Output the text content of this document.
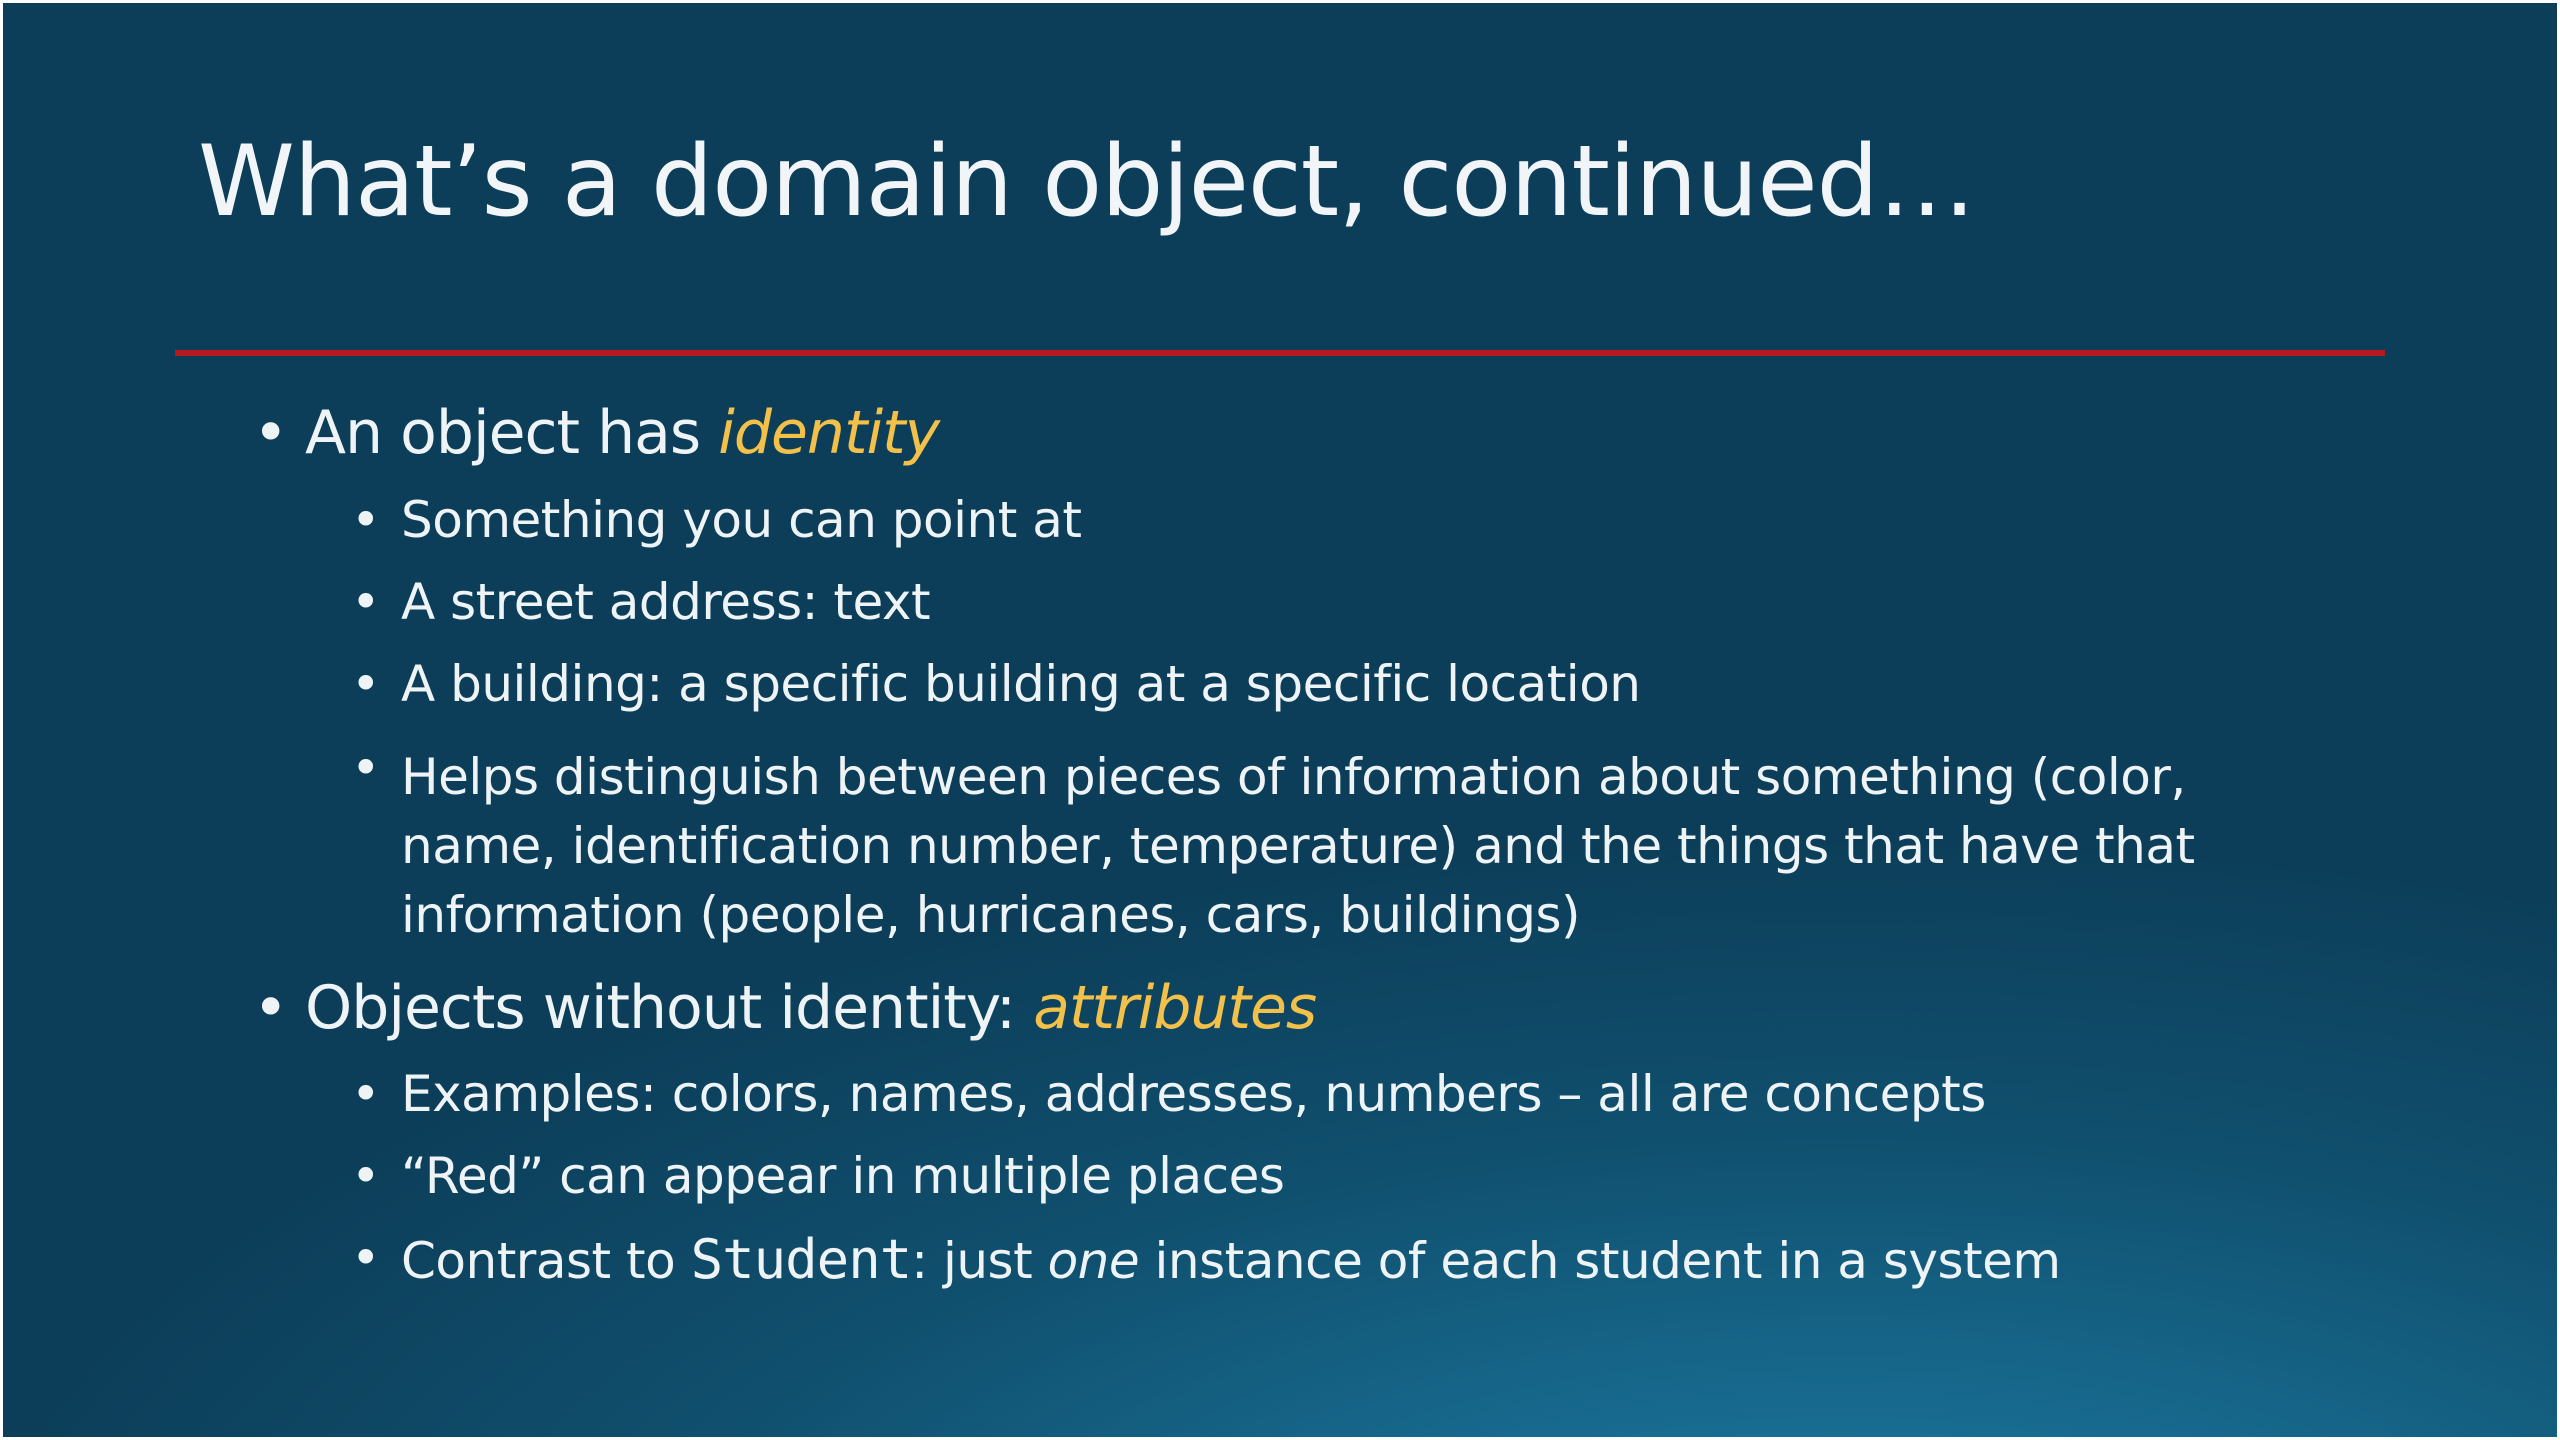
What’s a domain object, continued…
• An object has identity
• Something you can point at
• A street address: text
• A building: a specific building at a specific location
• Helps distinguish between pieces of information about something (color,
name, identification number, temperature) and the things that have that
information (people, hurricanes, cars, buildings)
• Objects without identity: attributes
• Examples: colors, names, addresses, numbers – all are concepts
• “Red” can appear in multiple places
• Contrast to Student: just one instance of each student in a system
